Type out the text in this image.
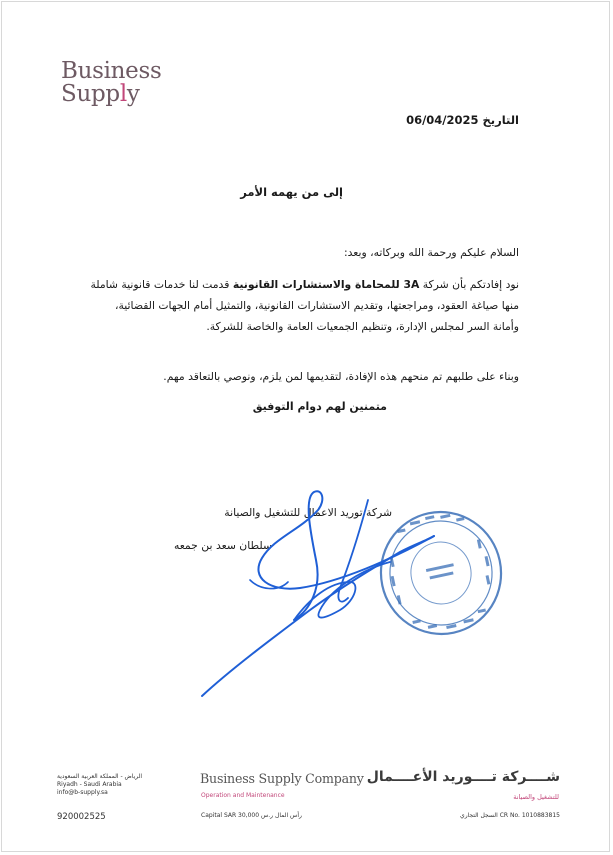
Business
Supply
التاريخ 06/04/2025
إلى من يهمه الأمر
السلام عليكم ورحمة الله وبركاته، وبعد:
نود إفادتكم بأن شركة 3A للمحاماة والاستشارات القانونية قدمت لنا خدمات قانونية شاملة منها صياغة العقود، ومراجعتها، وتقديم الاستشارات القانونية، والتمثيل أمام الجهات القضائية، وأمانة السر لمجلس الإدارة، وتنظيم الجمعيات العامة والخاصة للشركة.
وبناء على طلبهم تم منحهم هذه الإفادة، لتقديمها لمن يلزم، ونوصي بالتعاقد مهم.
متمنين لهم دوام التوفيق
شركة توريد الاعمال للتشغيل والصيانة
سلطان سعد بن جمعه
الرياض - المملكة العربية السعودية
Riyadh - Saudi Arabia
info@b-supply.sa
920002525
Business Supply Company
Operation and Maintenance
شــــركة تــــوريد الأعــــمال
للتشغيل والصيانة
Capital SAR 30,000 رأس المال ر.س	السجل التجاري CR No. 1010883815
